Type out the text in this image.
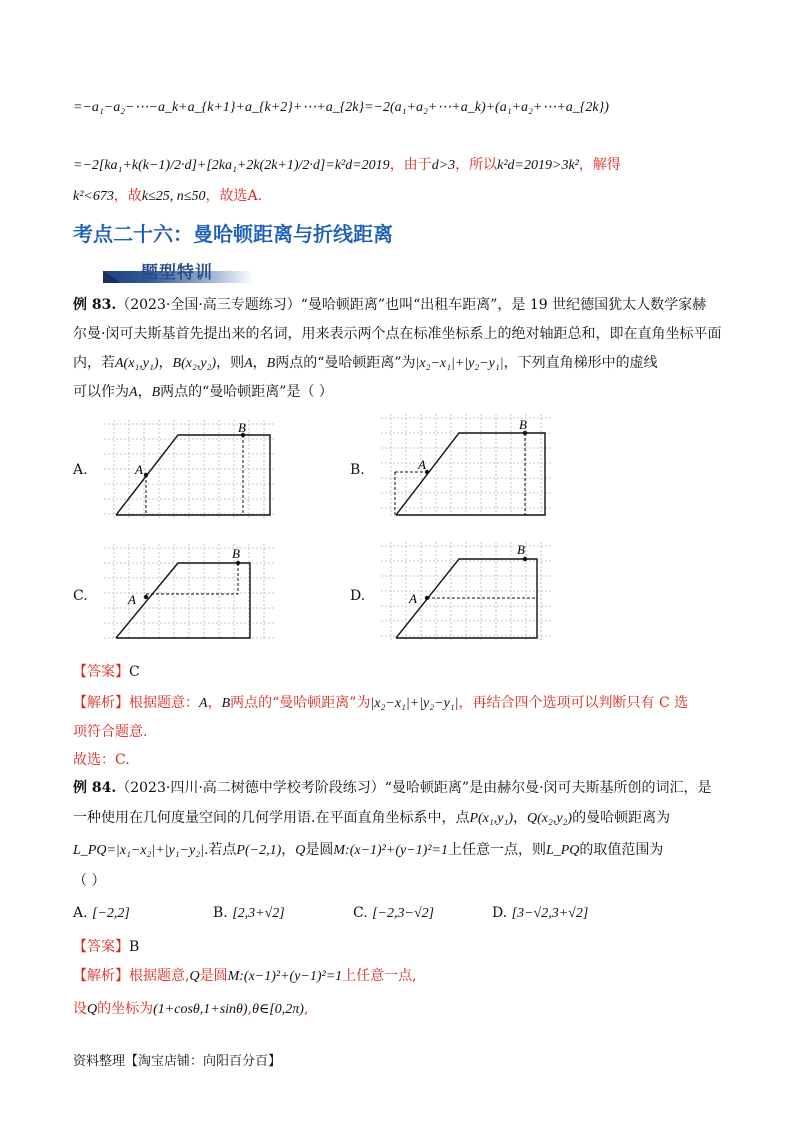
=−a₁−a₂−⋯−a_k+a_{k+1}+a_{k+2}+⋯+a_{2k}=−2(a₁+a₂+⋯+a_k)+(a₁+a₂+⋯+a_{2k})
=−2[ka₁+k(k−1)/2·d]+[2ka₁+2k(2k+1)/2·d]=k²d=2019，由于d>3，所以k²d=2019>3k²，解得
k²<673，故k≤25, n≤50，故选A.
考点二十六：曼哈顿距离与折线距离
题型特训
例 83.（2023·全国·高三专题练习）“曼哈顿距离”也叫“出租车距离”，是 19 世纪德国犹太人数学家赫
尔曼·闵可夫斯基首先提出来的名词，用来表示两个点在标准坐标系上的绝对轴距总和，即在直角坐标平面
内，若A(x₁,y₁)，B(x₂,y₂)，则A，B两点的“曼哈顿距离”为|x₂−x₁|+|y₂−y₁|，下列直角梯形中的虚线
可以作为A，B两点的“曼哈顿距离”是（ ）
A.	B.
C.	D.
A
B
A
B
A
B
A
B
【答案】C
【解析】根据题意：A，B两点的“曼哈顿距离”为|x₂−x₁|+|y₂−y₁|，再结合四个选项可以判断只有 C 选
项符合题意.
故选：C.
例 84.（2023·四川·高二树德中学校考阶段练习）“曼哈顿距离”是由赫尔曼·闵可夫斯基所创的词汇，是
一种使用在几何度量空间的几何学用语.在平面直角坐标系中，点P(x₁,y₁)，Q(x₂,y₂)的曼哈顿距离为
L_PQ=|x₁−x₂|+|y₁−y₂|.若点P(−2,1)，Q是圆M:(x−1)²+(y−1)²=1上任意一点，则L_PQ的取值范围为
（ ）
A. [−2,2]	B. [2,3+√2]	C. [−2,3−√2]	D. [3−√2,3+√2]
【答案】B
【解析】根据题意,Q是圆M:(x−1)²+(y−1)²=1上任意一点,
设Q的坐标为(1+cosθ,1+sinθ),θ∈[0,2π),
资料整理【淘宝店铺：向阳百分百】
